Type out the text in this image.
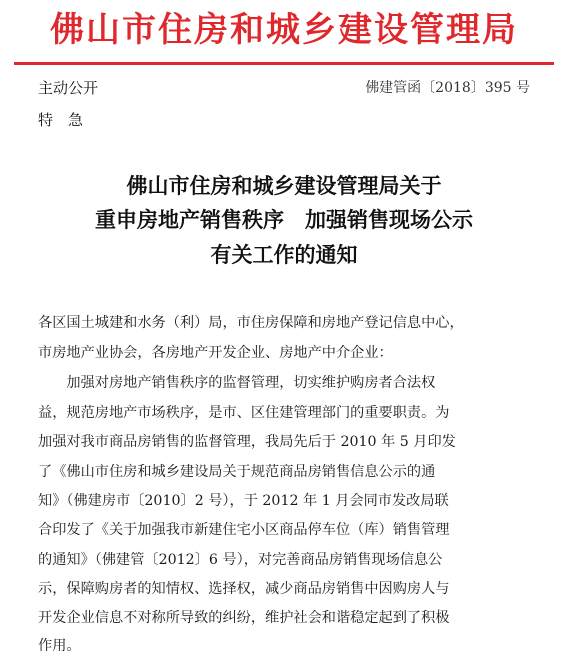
佛山市住房和城乡建设管理局
主动公开
特　急
佛建管函〔2018〕395 号
佛山市住房和城乡建设管理局关于
重申房地产销售秩序　加强销售现场公示
有关工作的通知
各区国土城建和水务（利）局，市住房保障和房地产登记信息中心，
市房地产业协会，各房地产开发企业、房地产中介企业：
　　加强对房地产销售秩序的监督管理，切实维护购房者合法权
益，规范房地产市场秩序，是市、区住建管理部门的重要职责。为
加强对我市商品房销售的监督管理，我局先后于 2010 年 5 月印发
了《佛山市住房和城乡建设局关于规范商品房销售信息公示的通
知》（佛建房市〔2010〕2 号），于 2012 年 1 月会同市发改局联
合印发了《关于加强我市新建住宅小区商品停车位（库）销售管理
的通知》（佛建管〔2012〕6 号），对完善商品房销售现场信息公
示，保障购房者的知情权、选择权，减少商品房销售中因购房人与
开发企业信息不对称所导致的纠纷，维护社会和谐稳定起到了积极
作用。
